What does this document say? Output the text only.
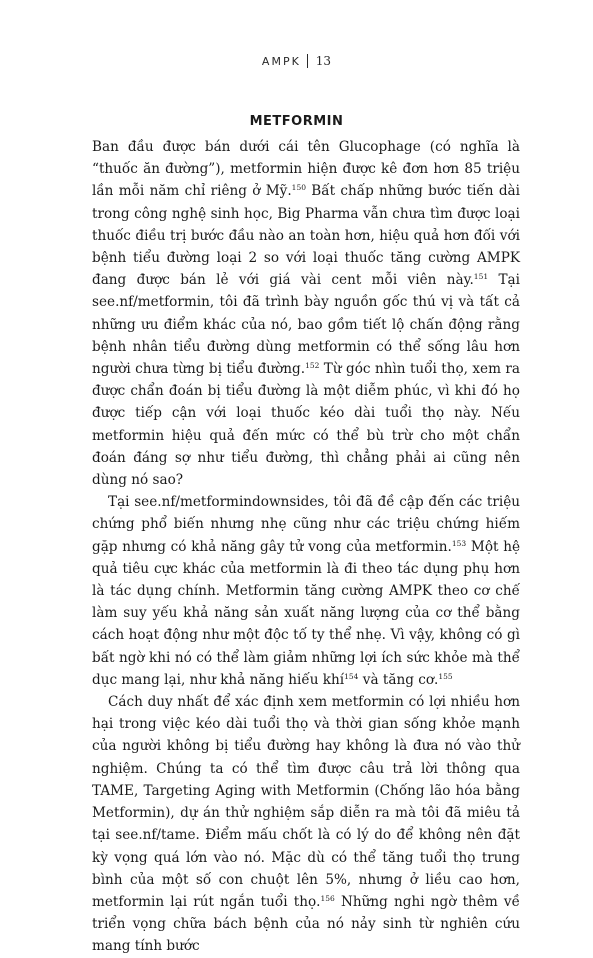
AMPK 13
METFORMIN

Ban đầu được bán dưới cái tên Glucophage (có nghĩa là “thuốc ăn đường”), metformin hiện được kê đơn hơn 85 triệu lần mỗi năm chỉ riêng ở Mỹ.$^{150}$ Bất chấp những bước tiến dài trong công nghệ sinh học, Big Pharma vẫn chưa tìm được loại thuốc điều trị bước đầu nào an toàn hơn, hiệu quả hơn đối với bệnh tiểu đường loại 2 so với loại thuốc tăng cường AMPK đang được bán lẻ với giá vài cent mỗi viên này.$^{151}$ Tại see.nf/metformin, tôi đã trình bày nguồn gốc thú vị và tất cả những ưu điểm khác của nó, bao gồm tiết lộ chấn động rằng bệnh nhân tiểu đường dùng metformin có thể sống lâu hơn người chưa từng bị tiểu đường.$^{152}$ Từ góc nhìn tuổi thọ, xem ra được chẩn đoán bị tiểu đường là một diễm phúc, vì khi đó họ được tiếp cận với loại thuốc kéo dài tuổi thọ này. Nếu metformin hiệu quả đến mức có thể bù trừ cho một chẩn đoán đáng sợ như tiểu đường, thì chẳng phải ai cũng nên dùng nó sao?

Tại see.nf/metformindownsides, tôi đã đề cập đến các triệu chứng phổ biến nhưng nhẹ cũng như các triệu chứng hiếm gặp nhưng có khả năng gây tử vong của metformin.$^{153}$ Một hệ quả tiêu cực khác của metformin là đi theo tác dụng phụ hơn là tác dụng chính. Metformin tăng cường AMPK theo cơ chế làm suy yếu khả năng sản xuất năng lượng của cơ thể bằng cách hoạt động như một độc tố ty thể nhẹ. Vì vậy, không có gì bất ngờ khi nó có thể làm giảm những lợi ích sức khỏe mà thể dục mang lại, như khả năng hiếu khí$^{154}$ và tăng cơ.$^{155}$

Cách duy nhất để xác định xem metformin có lợi nhiều hơn hại trong việc kéo dài tuổi thọ và thời gian sống khỏe mạnh của người không bị tiểu đường hay không là đưa nó vào thử nghiệm. Chúng ta có thể tìm được câu trả lời thông qua TAME, Targeting Aging with Metformin (Chống lão hóa bằng Metformin), dự án thử nghiệm sắp diễn ra mà tôi đã miêu tả tại see.nf/tame. Điểm mấu chốt là có lý do để không nên đặt kỳ vọng quá lớn vào nó. Mặc dù có thể tăng tuổi thọ trung bình của một số con chuột lên 5%, nhưng ở liều cao hơn, metformin lại rút ngắn tuổi thọ.$^{156}$ Những nghi ngờ thêm về triển vọng chữa bách bệnh của nó nảy sinh từ nghiên cứu mang tính bước
